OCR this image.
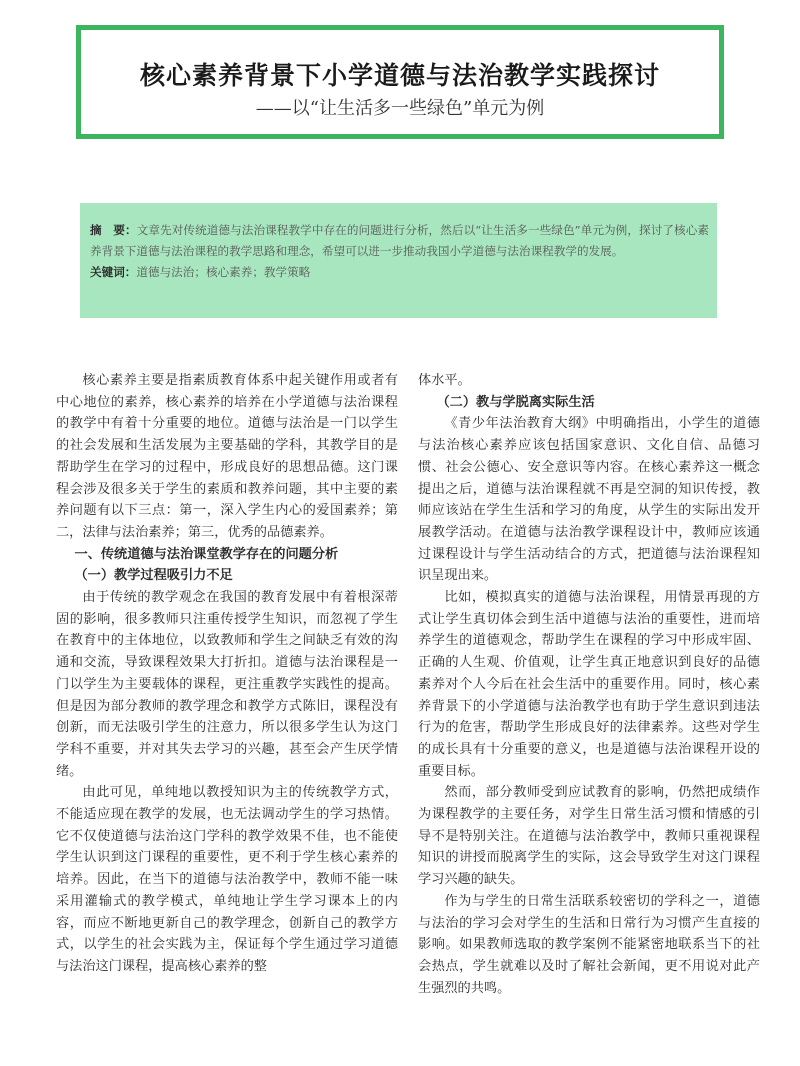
核心素养背景下小学道德与法治教学实践探讨
——以“让生活多一些绿色”单元为例

摘　要：文章先对传统道德与法治课程教学中存在的问题进行分析，然后以“让生活多一些绿色”单元为例，探讨了核心素养背景下道德与法治课程的教学思路和理念，希望可以进一步推动我国小学道德与法治课程教学的发展。

关键词：道德与法治；核心素养；教学策略

核心素养主要是指素质教育体系中起关键作用或者有中心地位的素养，核心素养的培养在小学道德与法治课程的教学中有着十分重要的地位。道德与法治是一门以学生的社会发展和生活发展为主要基础的学科，其教学目的是帮助学生在学习的过程中，形成良好的思想品德。这门课程会涉及很多关于学生的素质和教养问题，其中主要的素养问题有以下三点：第一，深入学生内心的爱国素养；第二，法律与法治素养；第三，优秀的品德素养。

一、传统道德与法治课堂教学存在的问题分析

（一）教学过程吸引力不足

由于传统的教学观念在我国的教育发展中有着根深蒂固的影响，很多教师只注重传授学生知识，而忽视了学生在教育中的主体地位，以致教师和学生之间缺乏有效的沟通和交流，导致课程效果大打折扣。道德与法治课程是一门以学生为主要载体的课程，更注重教学实践性的提高。但是因为部分教师的教学理念和教学方式陈旧，课程没有创新，而无法吸引学生的注意力，所以很多学生认为这门学科不重要，并对其失去学习的兴趣，甚至会产生厌学情绪。

由此可见，单纯地以教授知识为主的传统教学方式，不能适应现在教学的发展，也无法调动学生的学习热情。它不仅使道德与法治这门学科的教学效果不佳，也不能使学生认识到这门课程的重要性，更不利于学生核心素养的培养。因此，在当下的道德与法治教学中，教师不能一味采用灌输式的教学模式，单纯地让学生学习课本上的内容，而应不断地更新自己的教学理念，创新自己的教学方式，以学生的社会实践为主，保证每个学生通过学习道德与法治这门课程，提高核心素养的整

体水平。

（二）教与学脱离实际生活

《青少年法治教育大纲》中明确指出，小学生的道德与法治核心素养应该包括国家意识、文化自信、品德习惯、社会公德心、安全意识等内容。在核心素养这一概念提出之后，道德与法治课程就不再是空洞的知识传授，教师应该站在学生生活和学习的角度，从学生的实际出发开展教学活动。在道德与法治教学课程设计中，教师应该通过课程设计与学生活动结合的方式，把道德与法治课程知识呈现出来。

比如，模拟真实的道德与法治课程，用情景再现的方式让学生真切体会到生活中道德与法治的重要性，进而培养学生的道德观念，帮助学生在课程的学习中形成牢固、正确的人生观、价值观，让学生真正地意识到良好的品德素养对个人今后在社会生活中的重要作用。同时，核心素养背景下的小学道德与法治教学也有助于学生意识到违法行为的危害，帮助学生形成良好的法律素养。这些对学生的成长具有十分重要的意义，也是道德与法治课程开设的重要目标。

然而，部分教师受到应试教育的影响，仍然把成绩作为课程教学的主要任务，对学生日常生活习惯和情感的引导不是特别关注。在道德与法治教学中，教师只重视课程知识的讲授而脱离学生的实际，这会导致学生对这门课程学习兴趣的缺失。

作为与学生的日常生活联系较密切的学科之一，道德与法治的学习会对学生的生活和日常行为习惯产生直接的影响。如果教师选取的教学案例不能紧密地联系当下的社会热点，学生就难以及时了解社会新闻，更不用说对此产生强烈的共鸣。
